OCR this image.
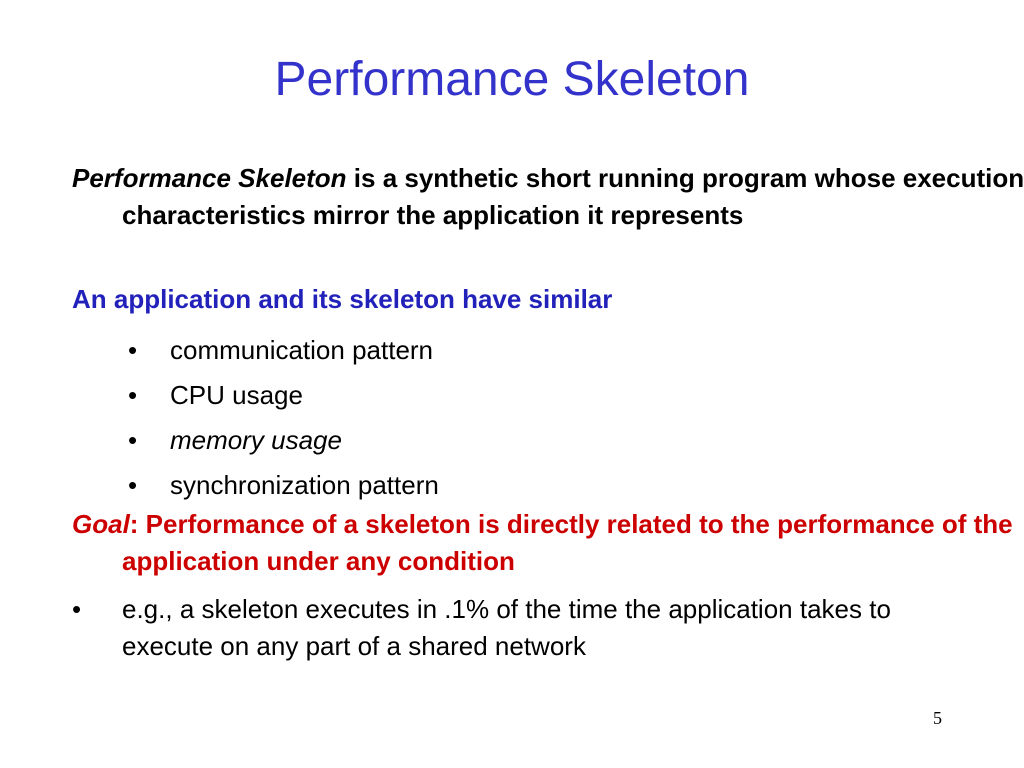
Performance Skeleton
Performance Skeleton is a synthetic short running program whose execution characteristics mirror the application it represents
An application and its skeleton have similar
• communication pattern
• CPU usage
• memory usage
• synchronization pattern
Goal: Performance of a skeleton is directly related to the performance of the application under any condition
•	e.g., a skeleton executes in .1% of the time the application takes to execute on any part of a shared network
5
